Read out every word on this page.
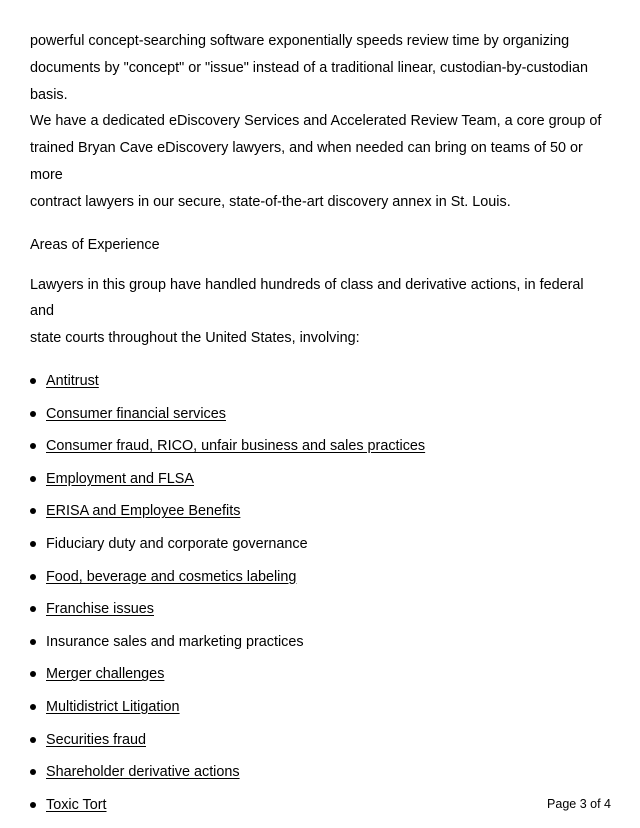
powerful concept-searching software exponentially speeds review time by organizing
documents by "concept" or "issue" instead of a traditional linear, custodian-by-custodian basis.
We have a dedicated eDiscovery Services and Accelerated Review Team, a core group of
trained Bryan Cave eDiscovery lawyers, and when needed can bring on teams of 50 or more
contract lawyers in our secure, state-of-the-art discovery annex in St. Louis.
Areas of Experience
Lawyers in this group have handled hundreds of class and derivative actions, in federal and
state courts throughout the United States, involving:
Antitrust
Consumer financial services
Consumer fraud, RICO, unfair business and sales practices
Employment and FLSA
ERISA and Employee Benefits
Fiduciary duty and corporate governance
Food, beverage and cosmetics labeling
Franchise issues
Insurance sales and marketing practices
Merger challenges
Multidistrict Litigation
Securities fraud
Shareholder derivative actions
Toxic Tort	Page 3 of 4
